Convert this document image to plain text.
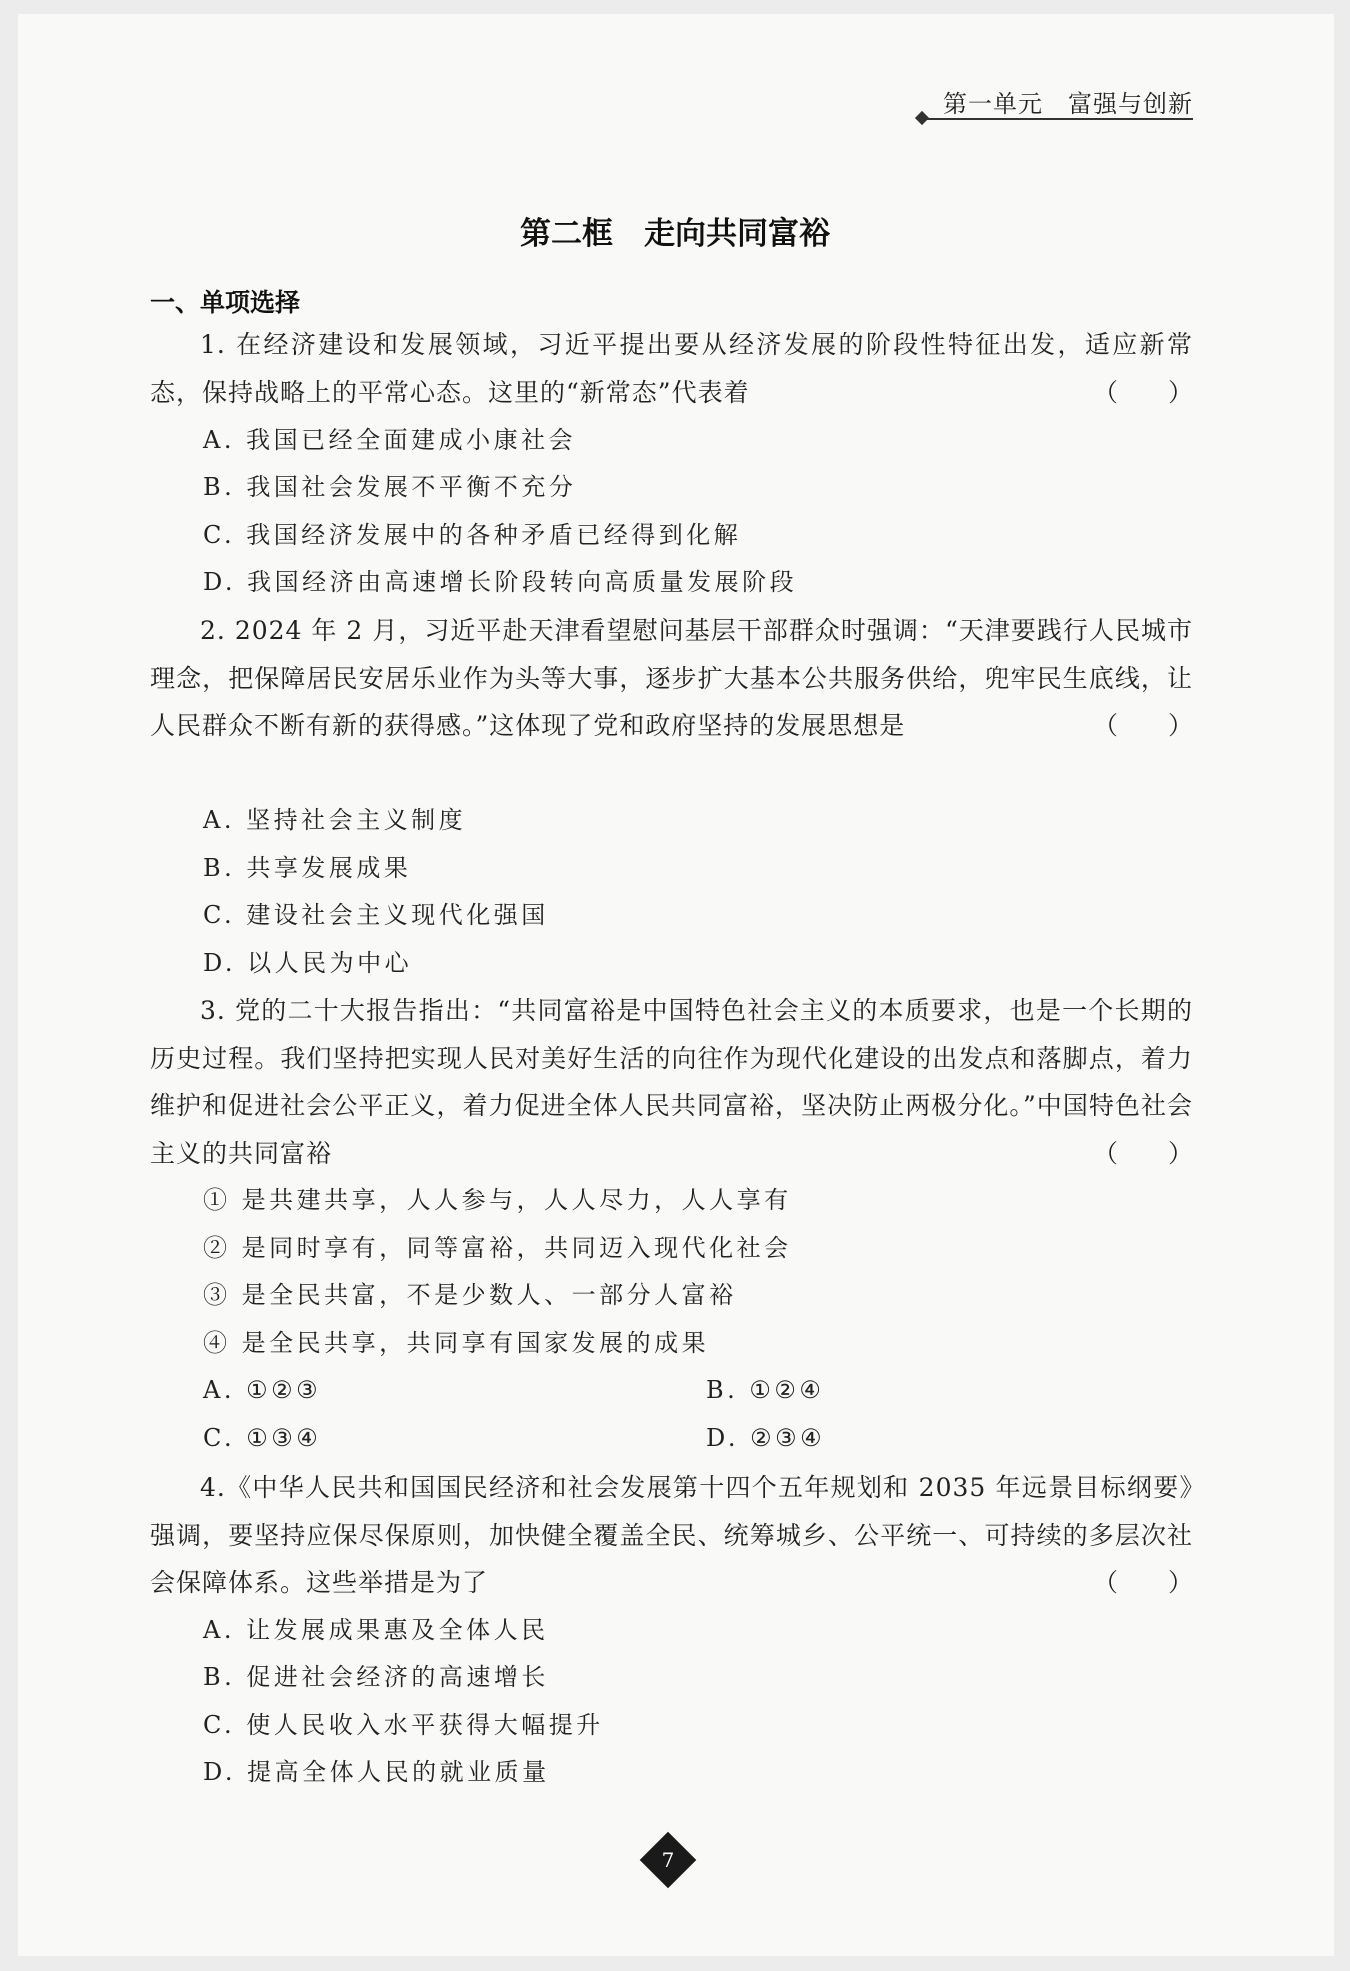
第一单元　富强与创新
第二框　走向共同富裕
一、单项选择
1. 在经济建设和发展领域，习近平提出要从经济发展的阶段性特征出发，适应新常态，保持战略上的平常心态。这里的“新常态”代表着	（　　）
A. 我国已经全面建成小康社会
B. 我国社会发展不平衡不充分
C. 我国经济发展中的各种矛盾已经得到化解
D. 我国经济由高速增长阶段转向高质量发展阶段
2. 2024 年 2 月，习近平赴天津看望慰问基层干部群众时强调：“天津要践行人民城市理念，把保障居民安居乐业作为头等大事，逐步扩大基本公共服务供给，兜牢民生底线，让人民群众不断有新的获得感。”这体现了党和政府坚持的发展思想是	（　　）
A. 坚持社会主义制度
B. 共享发展成果
C. 建设社会主义现代化强国
D. 以人民为中心
3. 党的二十大报告指出：“共同富裕是中国特色社会主义的本质要求，也是一个长期的历史过程。我们坚持把实现人民对美好生活的向往作为现代化建设的出发点和落脚点，着力维护和促进社会公平正义，着力促进全体人民共同富裕，坚决防止两极分化。”中国特色社会主义的共同富裕	（　　）
① 是共建共享，人人参与，人人尽力，人人享有
② 是同时享有，同等富裕，共同迈入现代化社会
③ 是全民共富，不是少数人、一部分人富裕
④ 是全民共享，共同享有国家发展的成果
A. ①②③	B. ①②④
C. ①③④	D. ②③④
4.《中华人民共和国国民经济和社会发展第十四个五年规划和 2035 年远景目标纲要》强调，要坚持应保尽保原则，加快健全覆盖全民、统筹城乡、公平统一、可持续的多层次社会保障体系。这些举措是为了	（　　）
A. 让发展成果惠及全体人民
B. 促进社会经济的高速增长
C. 使人民收入水平获得大幅提升
D. 提高全体人民的就业质量
7
